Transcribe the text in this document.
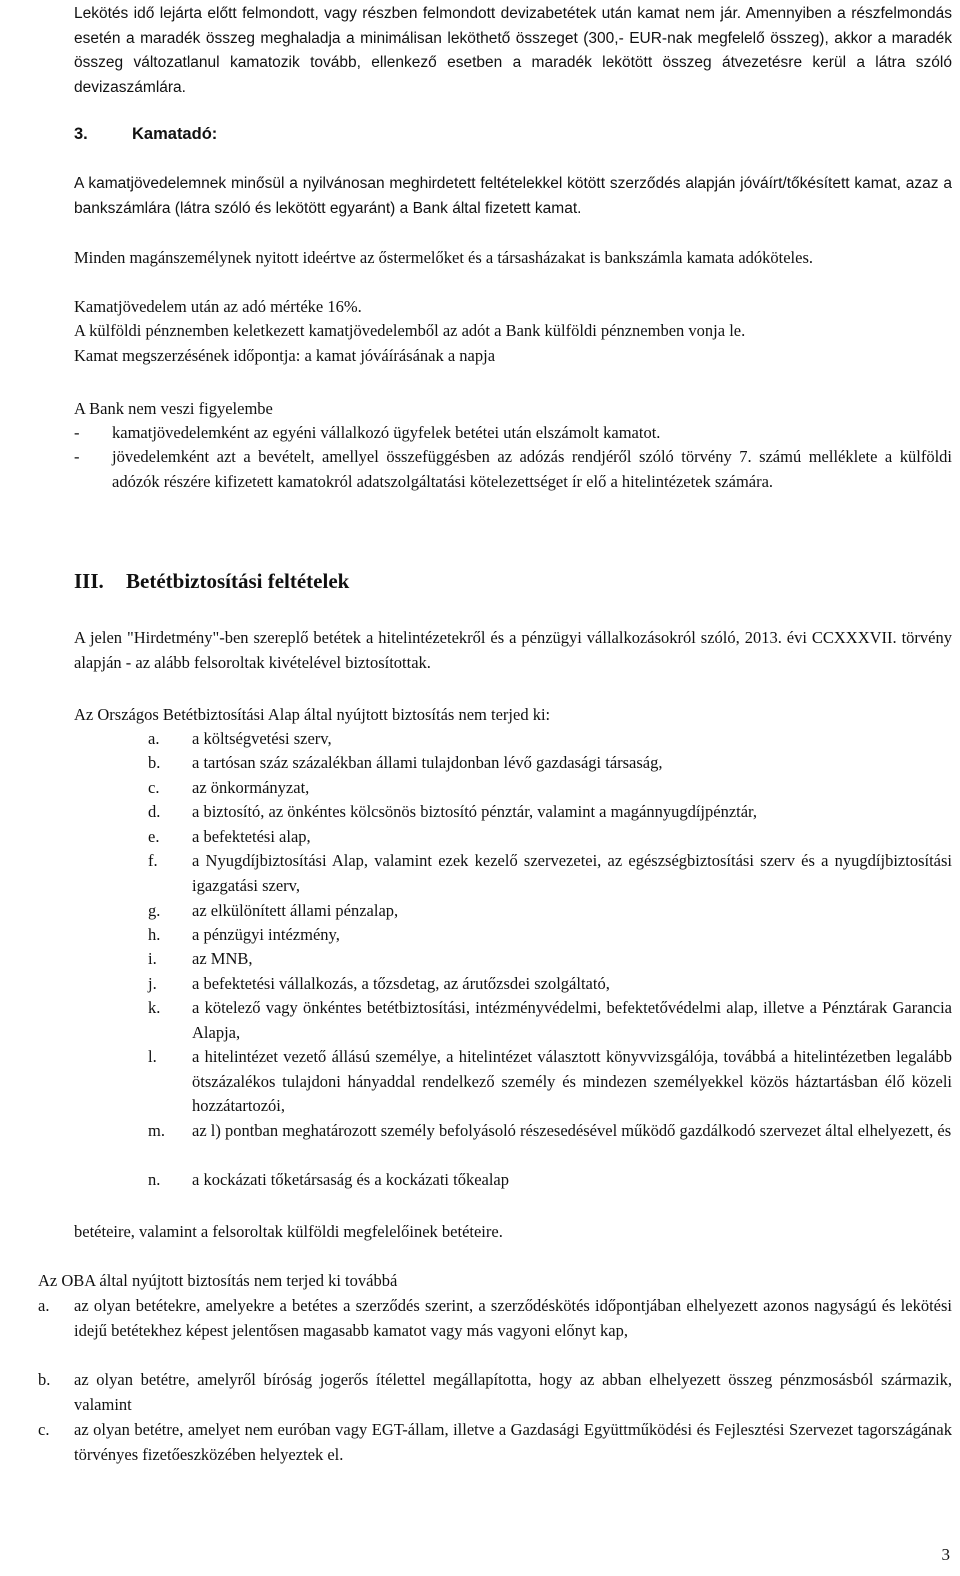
Lekötés idő lejárta előtt felmondott, vagy részben felmondott devizabetétek után kamat nem jár. Amennyiben a részfelmondás esetén a maradék összeg meghaladja a minimálisan leköthető összeget (300,- EUR-nak megfelelő összeg), akkor a maradék összeg változatlanul kamatozik tovább, ellenkező esetben a maradék lekötött összeg átvezetésre kerül a látra szóló devizaszámlára.

3.	Kamatadó:

A kamatjövedelemnek minősül a nyilvánosan meghirdetett feltételekkel kötött szerződés alapján jóváírt/tőkésített kamat, azaz a bankszámlára (látra szóló és lekötött egyaránt) a Bank által fizetett kamat.

Minden magánszemélynek nyitott ideértve az őstermelőket és a társasházakat is bankszámla kamata adóköteles.

Kamatjövedelem után az adó mértéke 16%.

A külföldi pénznemben keletkezett kamatjövedelemből az adót a Bank külföldi pénznemben vonja le.

Kamat megszerzésének időpontja: a kamat jóváírásának a napja

A Bank nem veszi figyelembe

- kamatjövedelemként az egyéni vállalkozó ügyfelek betétei után elszámolt kamatot.

- jövedelemként azt a bevételt, amellyel összefüggésben az adózás rendjéről szóló törvény 7. számú melléklete a külföldi adózók részére kifizetett kamatokról adatszolgáltatási kötelezettséget ír elő a hitelintézetek számára.

III. Betétbiztosítási feltételek

A jelen "Hirdetmény"-ben szereplő betétek a hitelintézetekről és a pénzügyi vállalkozásokról szóló, 2013. évi CCXXXVII. törvény alapján - az alább felsoroltak kivételével biztosítottak.

Az Országos Betétbiztosítási Alap által nyújtott biztosítás nem terjed ki:

a.	a költségvetési szerv,

b.	a tartósan száz százalékban állami tulajdonban lévő gazdasági társaság,

c.	az önkormányzat,

d.	a biztosító, az önkéntes kölcsönös biztosító pénztár, valamint a magánnyugdíjpénztár,

e.	a befektetési alap,

f.	a Nyugdíjbiztosítási Alap, valamint ezek kezelő szervezetei, az egészségbiztosítási szerv és a nyugdíjbiztosítási igazgatási szerv,

g.	az elkülönített állami pénzalap,

h.	a pénzügyi intézmény,

i.	az MNB,

j.	a befektetési vállalkozás, a tőzsdetag, az árutőzsdei szolgáltató,

k.	a kötelező vagy önkéntes betétbiztosítási, intézményvédelmi, befektetővédelmi alap, illetve a Pénztárak Garancia Alapja,

l.	a hitelintézet vezető állású személye, a hitelintézet választott könyvvizsgálója, továbbá a hitelintézetben legalább ötszázalékos tulajdoni hányaddal rendelkező személy és mindezen személyekkel közös háztartásban élő közeli hozzátartozói,

m.	az l) pontban meghatározott személy befolyásoló részesedésével működő gazdálkodó szervezet által elhelyezett, és

n.	a kockázati tőketársaság és a kockázati tőkealap

betéteire, valamint a felsoroltak külföldi megfelelőinek betéteire.

Az OBA által nyújtott biztosítás nem terjed ki továbbá

a. az olyan betétekre, amelyekre a betétes a szerződés szerint, a szerződéskötés időpontjában elhelyezett azonos nagyságú és lekötési idejű betétekhez képest jelentősen magasabb kamatot vagy más vagyoni előnyt kap,

b. az olyan betétre, amelyről bíróság jogerős ítélettel megállapította, hogy az abban elhelyezett összeg pénzmosásból származik, valamint

c. az olyan betétre, amelyet nem euróban vagy EGT-állam, illetve a Gazdasági Együttműködési és Fejlesztési Szervezet tagországának törvényes fizetőeszközében helyeztek el.

3
